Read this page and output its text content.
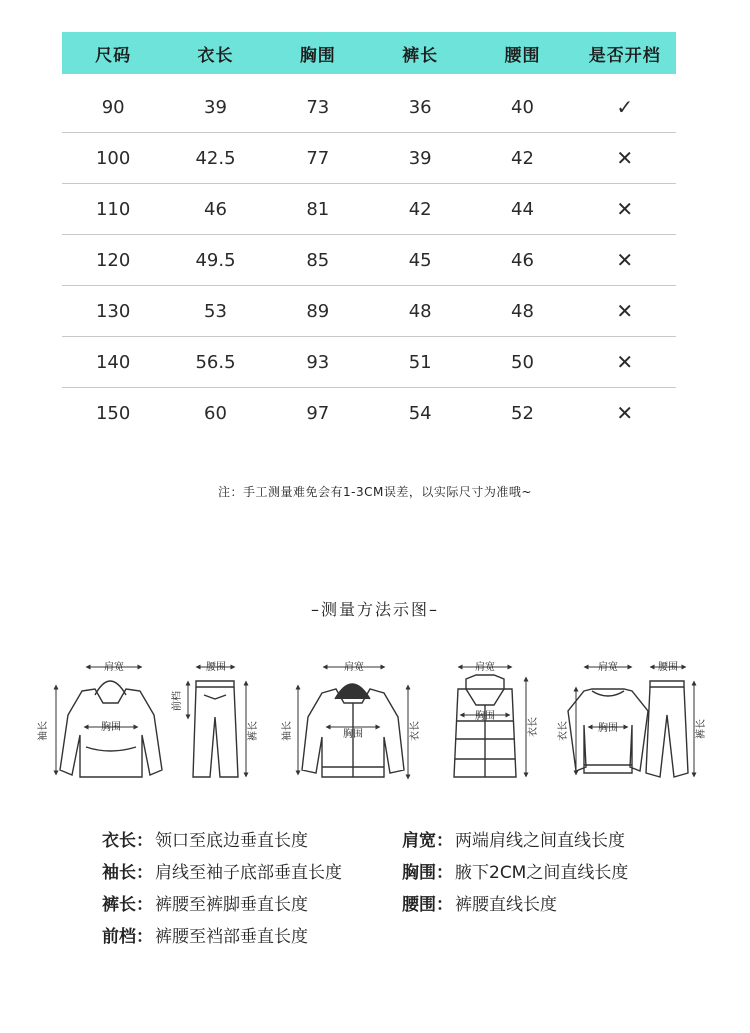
尺码	衣长	胸围	裤长	腰围	是否开档
90	39	73	36	40	✓
100	42.5	77	39	42	✕
110	46	81	42	44	✕
120	49.5	85	45	46	✕
130	53	89	48	48	✕
140	56.5	93	51	50	✕
150	60	97	54	52	✕
注：手工测量难免会有1-3CM误差，以实际尺寸为准哦~
–测量方法示图–
肩宽
胸围
袖长
腰围
前档
裤长
肩宽
胸围
袖长	衣长
肩宽
胸围
衣长
肩宽
胸围
衣长
腰围
裤长
衣长： 领口至底边垂直长度
袖长： 肩线至袖子底部垂直长度
裤长： 裤腰至裤脚垂直长度
前档： 裤腰至裆部垂直长度
肩宽： 两端肩线之间直线长度
胸围： 腋下2CM之间直线长度
腰围： 裤腰直线长度
